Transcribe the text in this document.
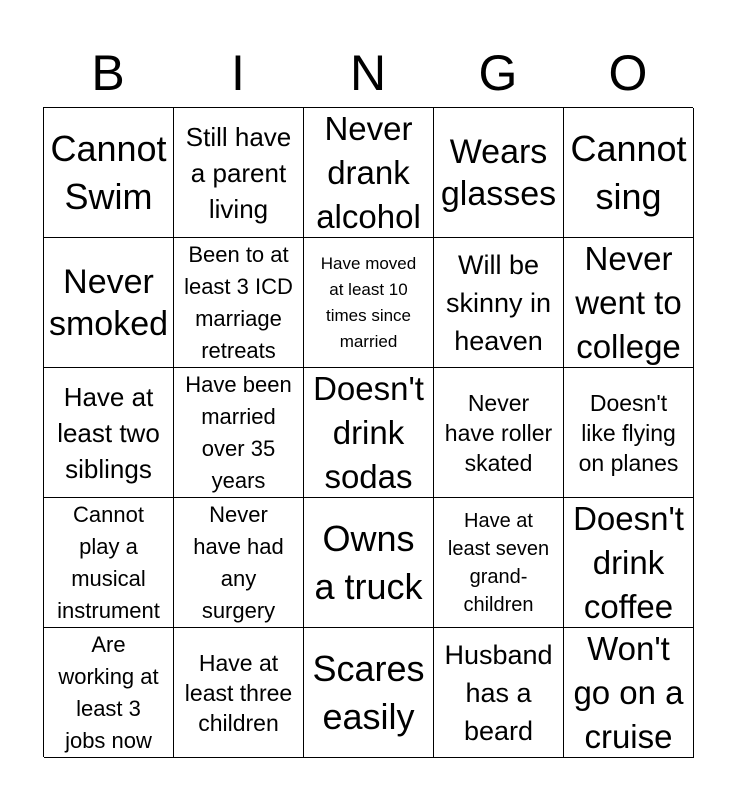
B	I	N	G	O
Cannot
Swim
Still have
a parent
living
Never
drank
alcohol
Wears
glasses
Cannot
sing
Never
smoked
Been to at
least 3 ICD
marriage
retreats
Have moved
at least 10
times since
married
Will be
skinny in
heaven
Never
went to
college
Have at
least two
siblings
Have been
married
over 35
years
Doesn't
drink
sodas
Never
have roller
skated
Doesn't
like flying
on planes
Cannot
play a
musical
instrument
Never
have had
any
surgery
Owns
a truck
Have at
least seven
grand-
children
Doesn't
drink
coffee
Are
working at
least 3
jobs now
Have at
least three
children
Scares
easily
Husband
has a
beard
Won't
go on a
cruise
